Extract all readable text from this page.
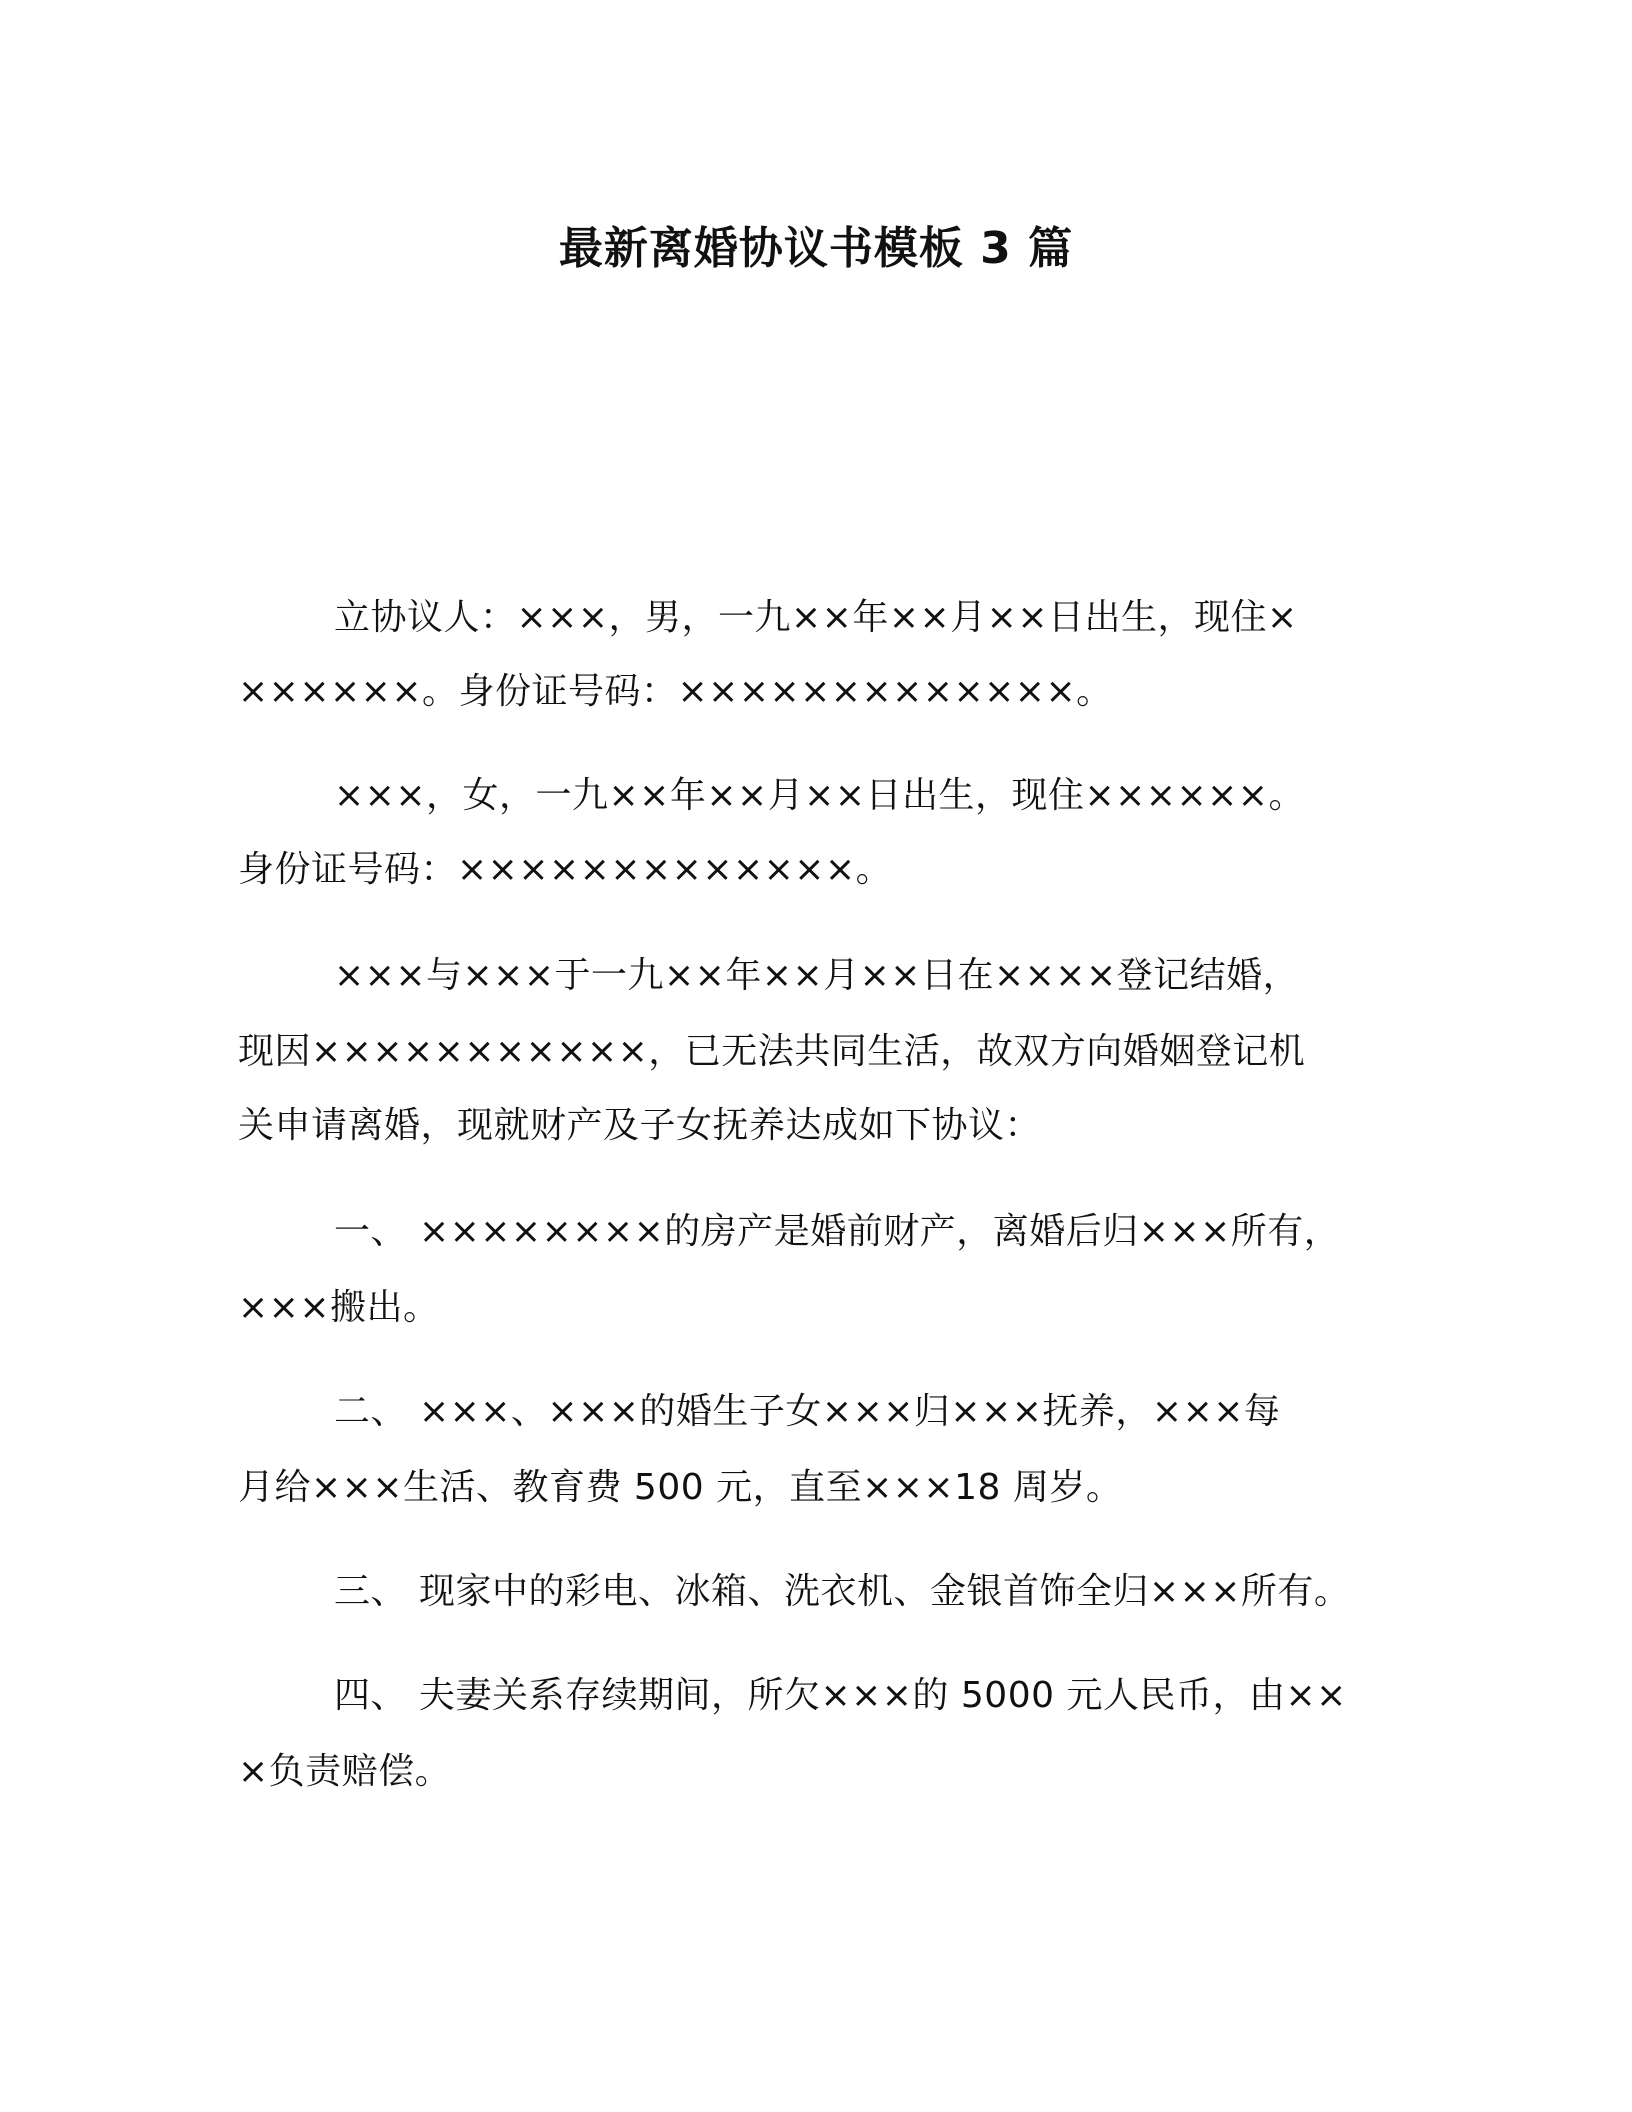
最新离婚协议书模板 3 篇
立协议人：×××，男，一九××年××月××日出生，现住×
××××××。身份证号码：×××××××××××××。
×××，女，一九××年××月××日出生，现住××××××。
身份证号码：×××××××××××××。
×××与×××于一九××年××月××日在××××登记结婚，
现因×××××××××××，已无法共同生活，故双方向婚姻登记机
关申请离婚，现就财产及子女抚养达成如下协议：
一、 ××××××××的房产是婚前财产，离婚后归×××所有，
×××搬出。
二、 ×××、×××的婚生子女×××归×××抚养，×××每
月给×××生活、教育费 500 元，直至×××18 周岁。
三、 现家中的彩电、冰箱、洗衣机、金银首饰全归×××所有。
四、 夫妻关系存续期间，所欠×××的 5000 元人民币，由××
×负责赔偿。
